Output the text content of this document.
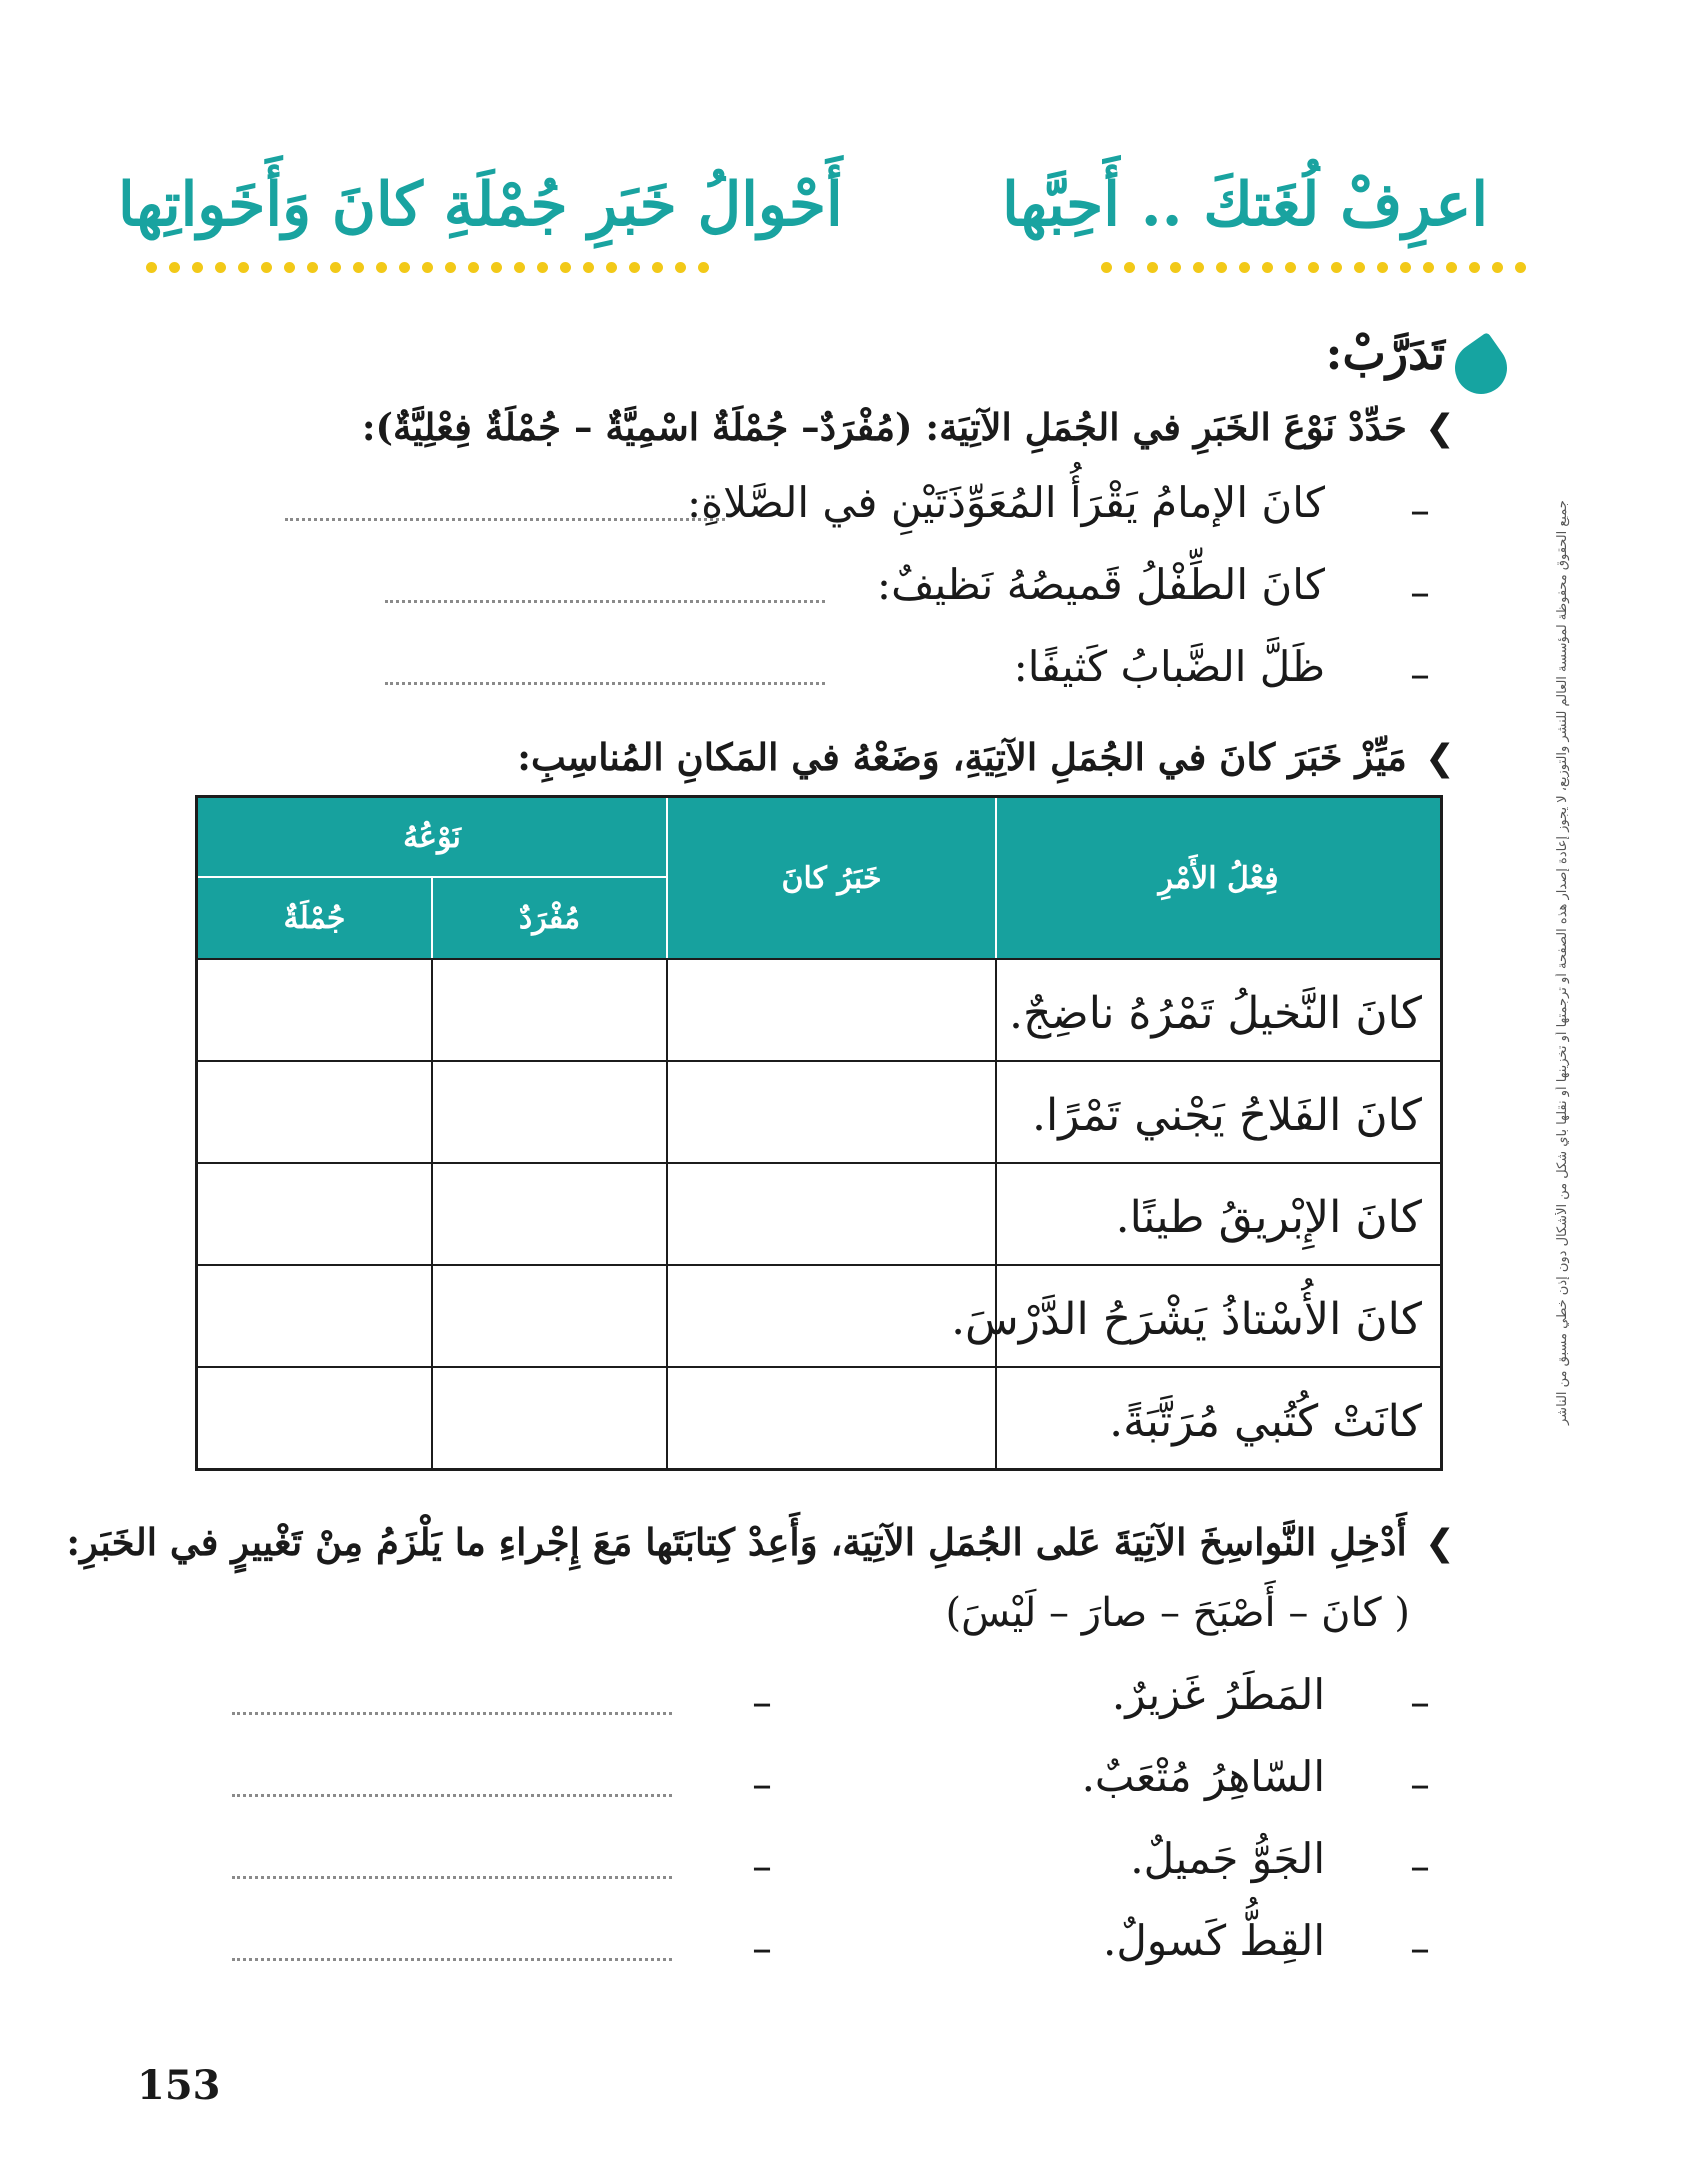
أَحْوالُ خَبَرِ جُمْلَةِ كانَ وَأَخَواتِها	اعرِفْ لُغَتكَ .. أَحِبَّها
تَدَرَّبْ:
❯حَدِّدْ نَوْعَ الخَبَرِ في الجُمَلِ الآتِيَة: (مُفْرَدٌ– جُمْلَةٌ اسْمِيَّةٌ – جُمْلَةٌ فِعْلِيَّةٌ):
–
كانَ الإمامُ يَقْرَأُ المُعَوِّذَتَيْنِ في الصَّلاةِ:
–
كانَ الطِّفْلُ قَميصُهُ نَظيفٌ:
–
ظَلَّ الضَّبابُ كَثيفًا:
❯مَيِّزْ خَبَرَ كانَ في الجُمَلِ الآتِيَةِ، وَضَعْهُ في المَكانِ المُناسِبِ:
نَوْعُهُ
جُمْلَةٌ	مُفْرَدٌ
خَبَرُ كانَ	فِعْلُ الأَمْرِ
كانَ النَّخيلُ تَمْرُهُ ناضِجٌ.
كانَ الفَلاحُ يَجْني تَمْرًا.
كانَ الإِبْريقُ طينًا.
كانَ الأُسْتاذُ يَشْرَحُ الدَّرْسَ.
كانَتْ كُتُبي مُرَتَّبَةً.
❯أَدْخِلِ النَّواسِخَ الآتِيَةَ عَلى الجُمَلِ الآتِيَة، وَأَعِدْ كِتابَتَها مَعَ إِجْراءِ ما يَلْزَمُ مِنْ تَغْييرٍ في الخَبَرِ:
( كانَ – أَصْبَحَ – صارَ – لَيْسَ)
–
المَطَرُ غَزيرٌ.
–
–
السّاهِرُ مُتْعَبٌ.
–
–
الجَوُّ جَميلٌ.
–
–
القِطُّ كَسولٌ.
–
جميع الحقوق محفوظة لمؤسسة العالم للنشر والتوزيع، لا يجوز إعادة إصدار هذه الصفحة أو ترجمتها أو تخزينها أو نقلها بأي شكل من الأشكال دون إذن خطي مسبق من الناشر
153
